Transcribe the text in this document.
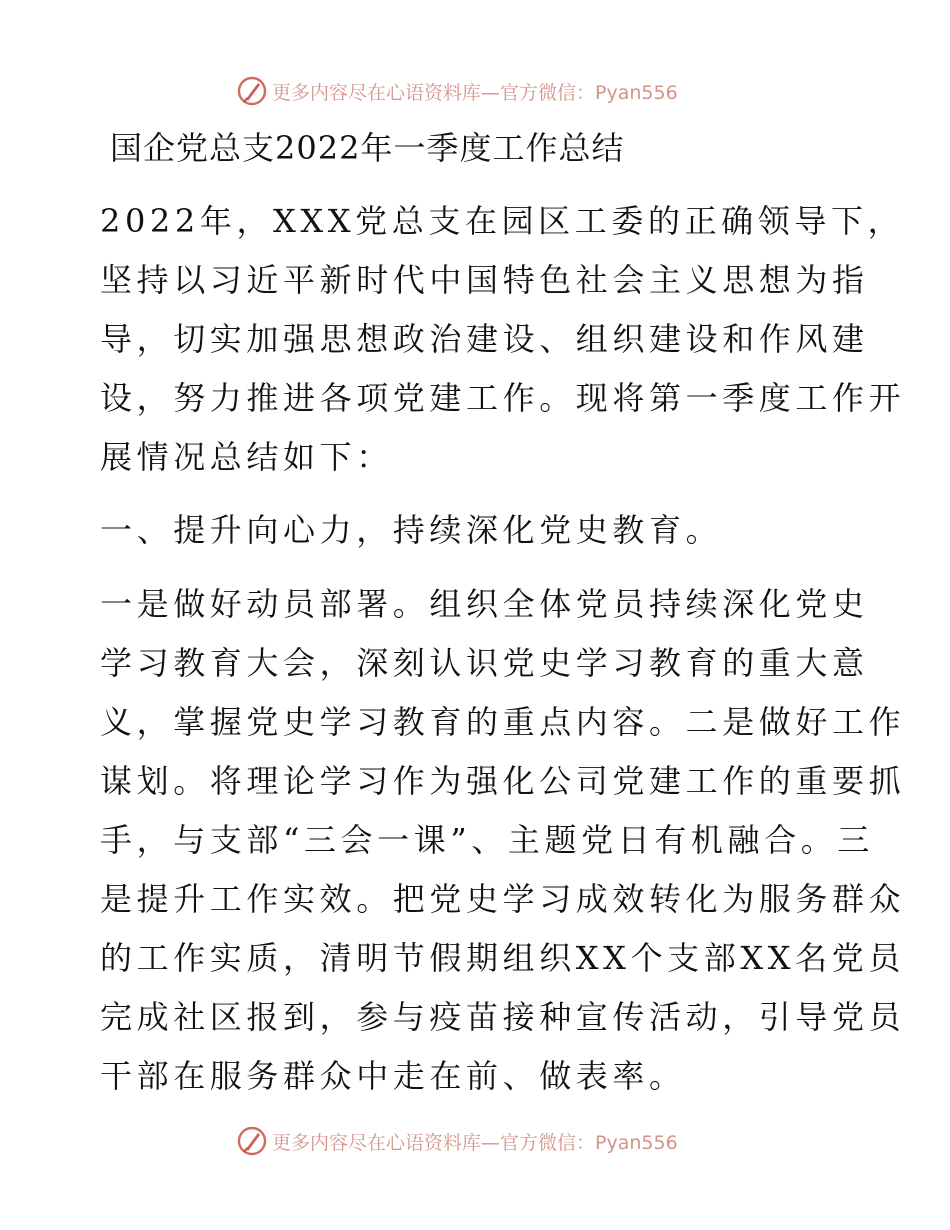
更多内容尽在心语资料库—官方微信：Pyan556
国企党总支2022年一季度工作总结
2022年，XXX党总支在园区工委的正确领导下，
坚持以习近平新时代中国特色社会主义思想为指
导，切实加强思想政治建设、组织建设和作风建
设，努力推进各项党建工作。现将第一季度工作开
展情况总结如下：
一、提升向心力，持续深化党史教育。
一是做好动员部署。组织全体党员持续深化党史
学习教育大会，深刻认识党史学习教育的重大意
义，掌握党史学习教育的重点内容。二是做好工作
谋划。将理论学习作为强化公司党建工作的重要抓
手，与支部“三会一课”、主题党日有机融合。三
是提升工作实效。把党史学习成效转化为服务群众
的工作实质，清明节假期组织XX个支部XX名党员
完成社区报到，参与疫苗接种宣传活动，引导党员
干部在服务群众中走在前、做表率。
更多内容尽在心语资料库—官方微信：Pyan556
